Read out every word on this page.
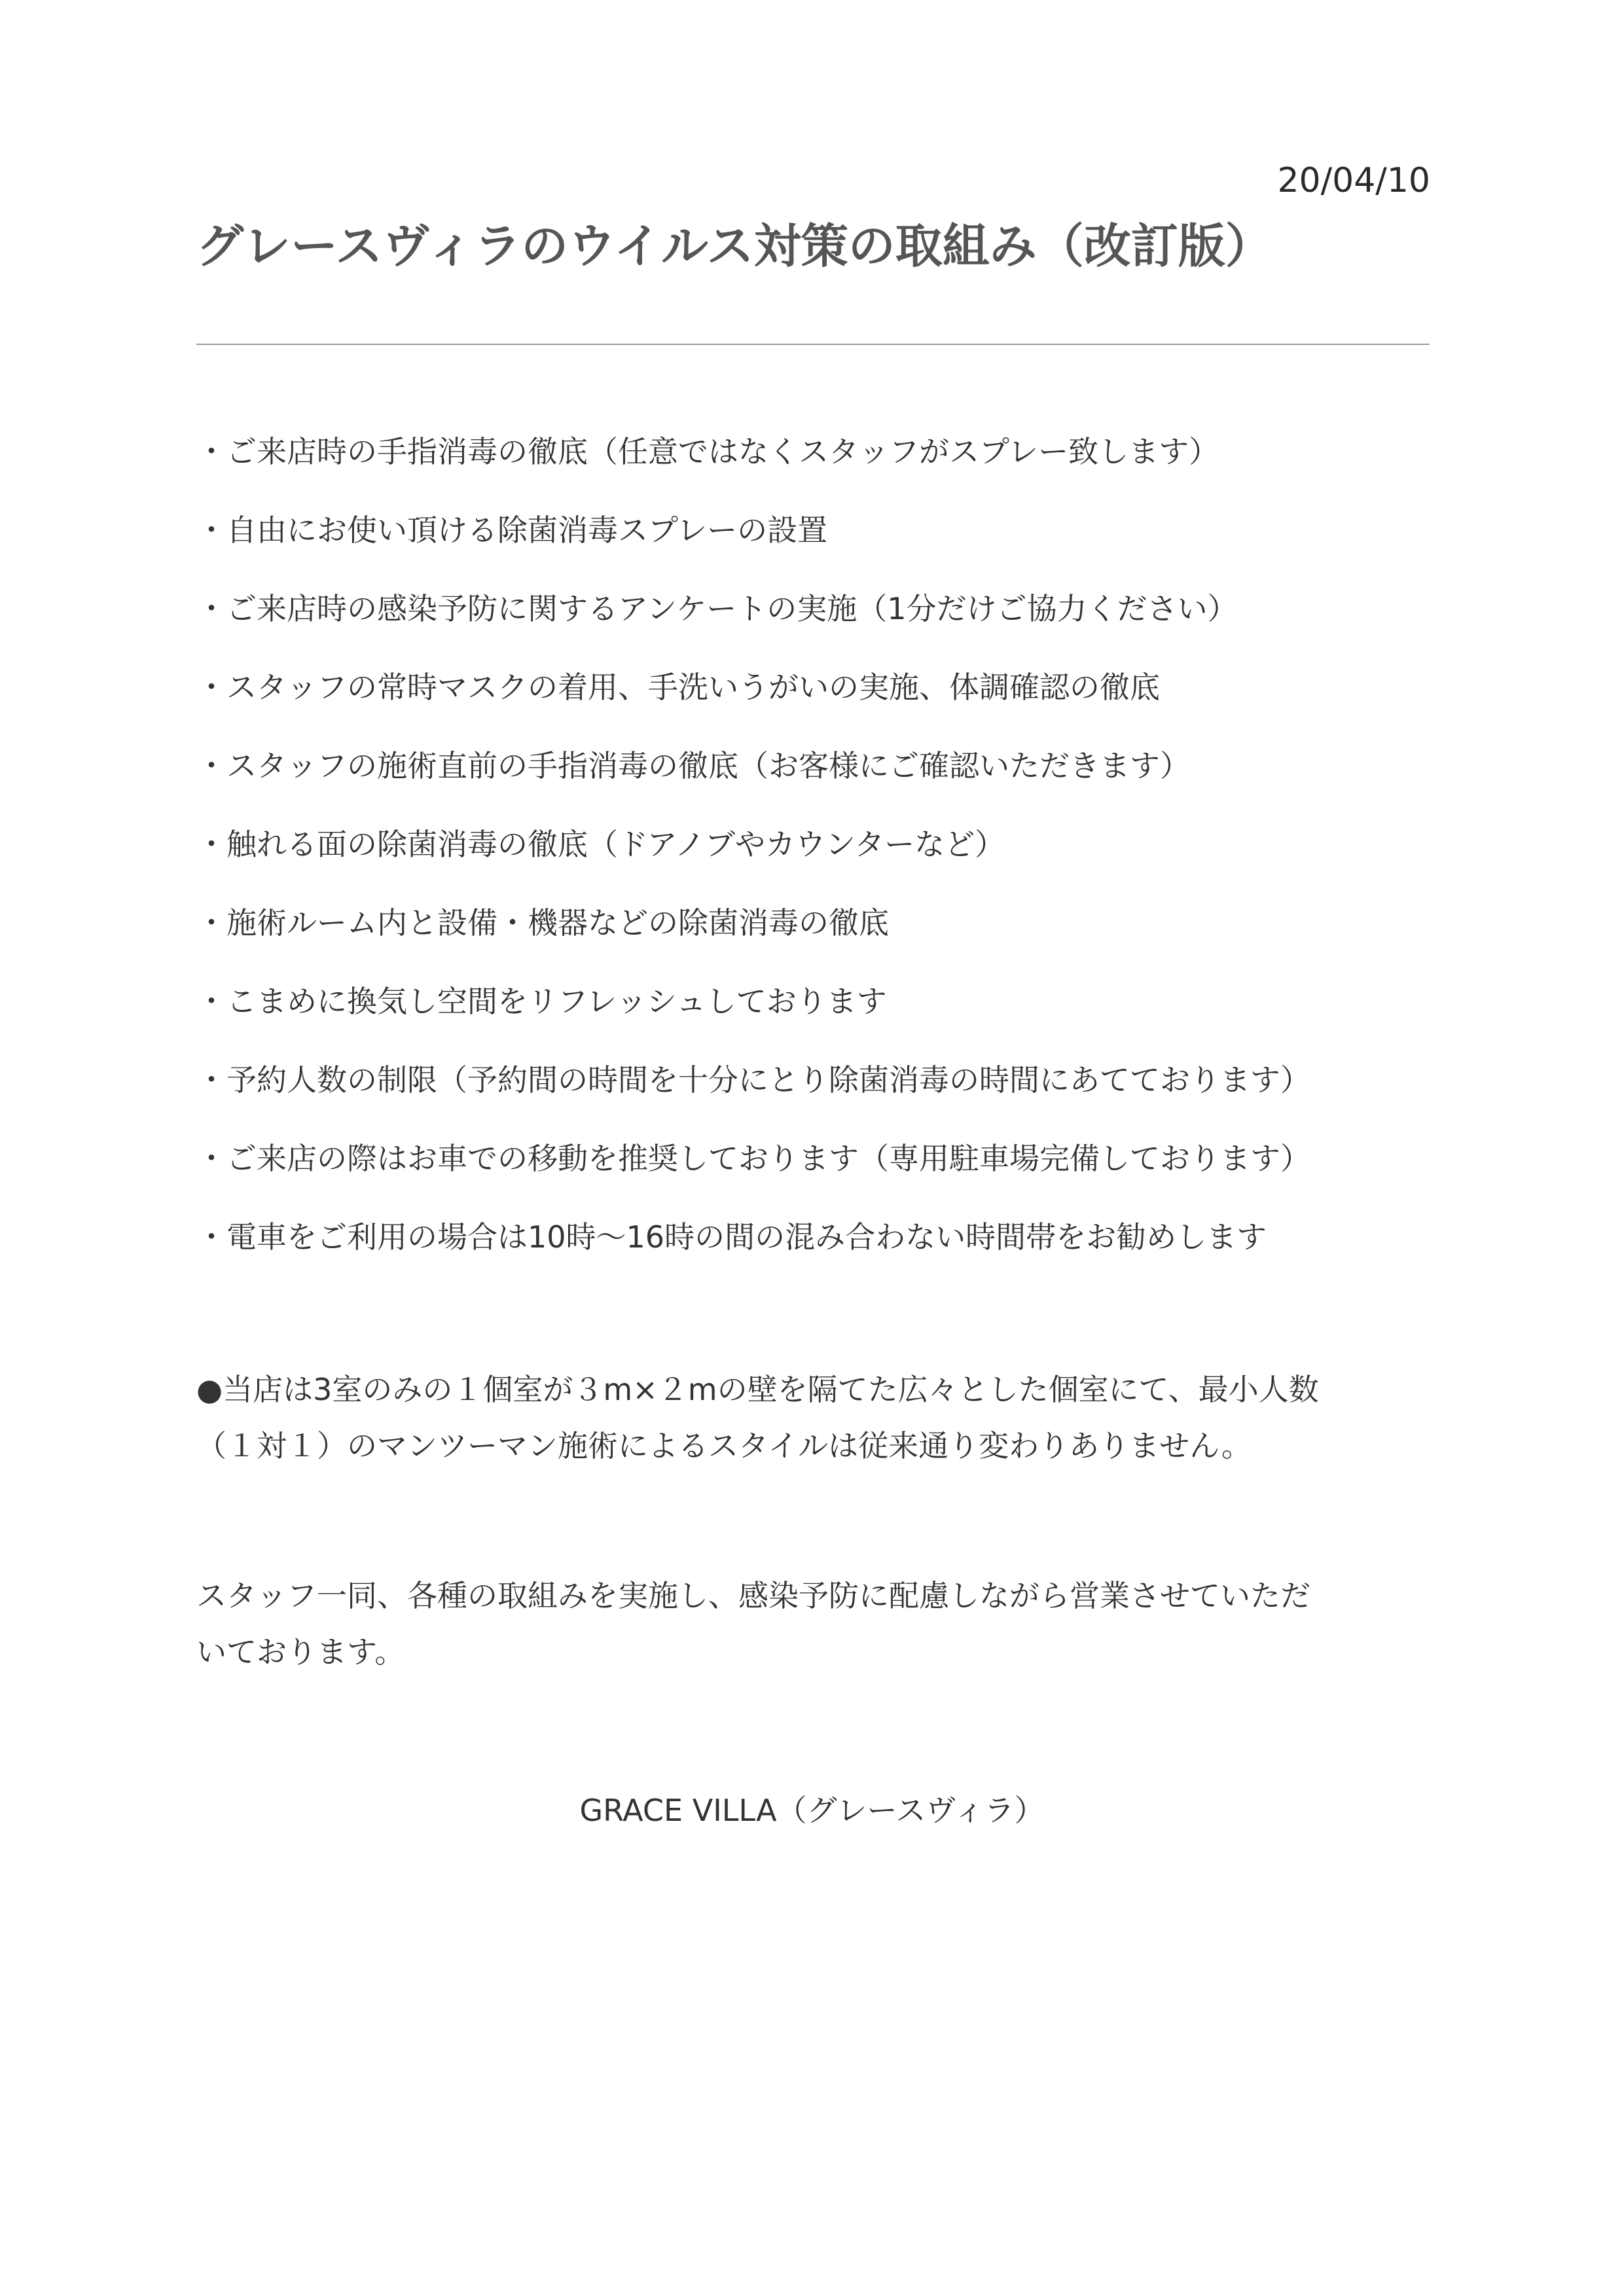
20/04/10
グレースヴィラのウイルス対策の取組み（改訂版）
・ご来店時の手指消毒の徹底（任意ではなくスタッフがスプレー致します）
・自由にお使い頂ける除菌消毒スプレーの設置
・ご来店時の感染予防に関するアンケートの実施（1分だけご協力ください）
・スタッフの常時マスクの着用、手洗いうがいの実施、体調確認の徹底
・スタッフの施術直前の手指消毒の徹底（お客様にご確認いただきます）
・触れる面の除菌消毒の徹底（ドアノブやカウンターなど）
・施術ルーム内と設備・機器などの除菌消毒の徹底
・こまめに換気し空間をリフレッシュしております
・予約人数の制限（予約間の時間を十分にとり除菌消毒の時間にあてております）
・ご来店の際はお車での移動を推奨しております（専用駐車場完備しております）
・電車をご利用の場合は10時〜16時の間の混み合わない時間帯をお勧めします

●当店は3室のみの１個室が３m×２mの壁を隔てた広々とした個室にて、最小人数
（１対１）のマンツーマン施術によるスタイルは従来通り変わりありません。

スタッフ一同、各種の取組みを実施し、感染予防に配慮しながら営業させていただ
いております。

GRACE VILLA（グレースヴィラ）
